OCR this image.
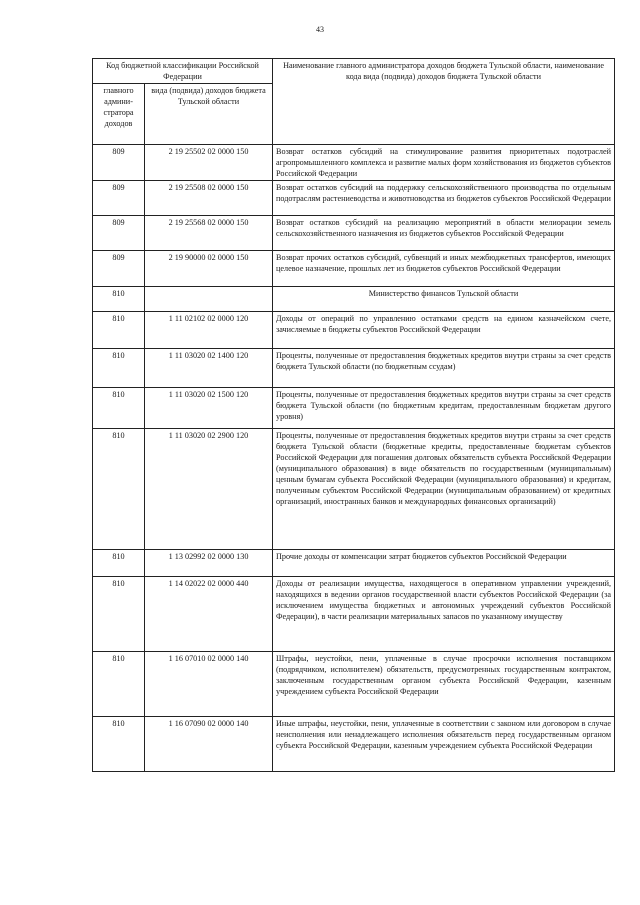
43
Код бюджетной классификации Российской Федерации		Наименование главного администратора доходов бюджета Тульской области, наименование кода вида (подвида) доходов бюджета Тульской области
главного админи-стратора доходов	вида (подвида) доходов бюджета Тульской области	
809	2 19 25502 02 0000 150	Возврат остатков субсидий на стимулирование развития приоритетных подотраслей агропромышленного комплекса и развитие малых форм хозяйствования из бюджетов субъектов Российской Федерации
809	2 19 25508 02 0000 150	Возврат остатков субсидий на поддержку сельскохозяйственного производства по отдельным подотраслям растениеводства и животноводства из бюджетов субъектов Российской Федерации
809	2 19 25568 02 0000 150	Возврат остатков субсидий на реализацию мероприятий в области мелиорации земель сельскохозяйственного назначения из бюджетов субъектов Российской Федерации
809	2 19 90000 02 0000 150	Возврат прочих остатков субсидий, субвенций и иных межбюджетных трансфертов, имеющих целевое назначение, прошлых лет из бюджетов субъектов Российской Федерации
810		Министерство финансов Тульской области
810	1 11 02102 02 0000 120	Доходы от операций по управлению остатками средств на едином казначейском счете, зачисляемые в бюджеты субъектов Российской Федерации
810	1 11 03020 02 1400 120	Проценты, полученные от предоставления бюджетных кредитов внутри страны за счет средств бюджета Тульской области (по бюджетным ссудам)
810	1 11 03020 02 1500 120	Проценты, полученные от предоставления бюджетных кредитов внутри страны за счет средств бюджета Тульской области (по бюджетным кредитам, предоставленным бюджетам другого уровня)
810	1 11 03020 02 2900 120	Проценты, полученные от предоставления бюджетных кредитов внутри страны за счет средств бюджета Тульской области (бюджетные кредиты, предоставленные бюджетам субъектов Российской Федерации для погашения долговых обязательств субъекта Российской Федерации (муниципального образования) в виде обязательств по государственным (муниципальным) ценным бумагам субъекта Российской Федерации (муниципального образования) и кредитам, полученным субъектом Российской Федерации (муниципальным образованием) от кредитных организаций, иностранных банков и международных финансовых организаций)
810	1 13 02992 02 0000 130	Прочие доходы от компенсации затрат бюджетов субъектов Российской Федерации
810	1 14 02022 02 0000 440	Доходы от реализации имущества, находящегося в оперативном управлении учреждений, находящихся в ведении органов государственной власти субъектов Российской Федерации (за исключением имущества бюджетных и автономных учреждений субъектов Российской Федерации), в части реализации материальных запасов по указанному имуществу
810	1 16 07010 02 0000 140	Штрафы, неустойки, пени, уплаченные в случае просрочки исполнения поставщиком (подрядчиком, исполнителем) обязательств, предусмотренных государственным контрактом, заключенным государственным органом субъекта Российской Федерации, казенным учреждением субъекта Российской Федерации
810	1 16 07090 02 0000 140	Иные штрафы, неустойки, пени, уплаченные в соответствии с законом или договором в случае неисполнения или ненадлежащего исполнения обязательств перед государственным органом субъекта Российской Федерации, казенным учреждением субъекта Российской Федерации
